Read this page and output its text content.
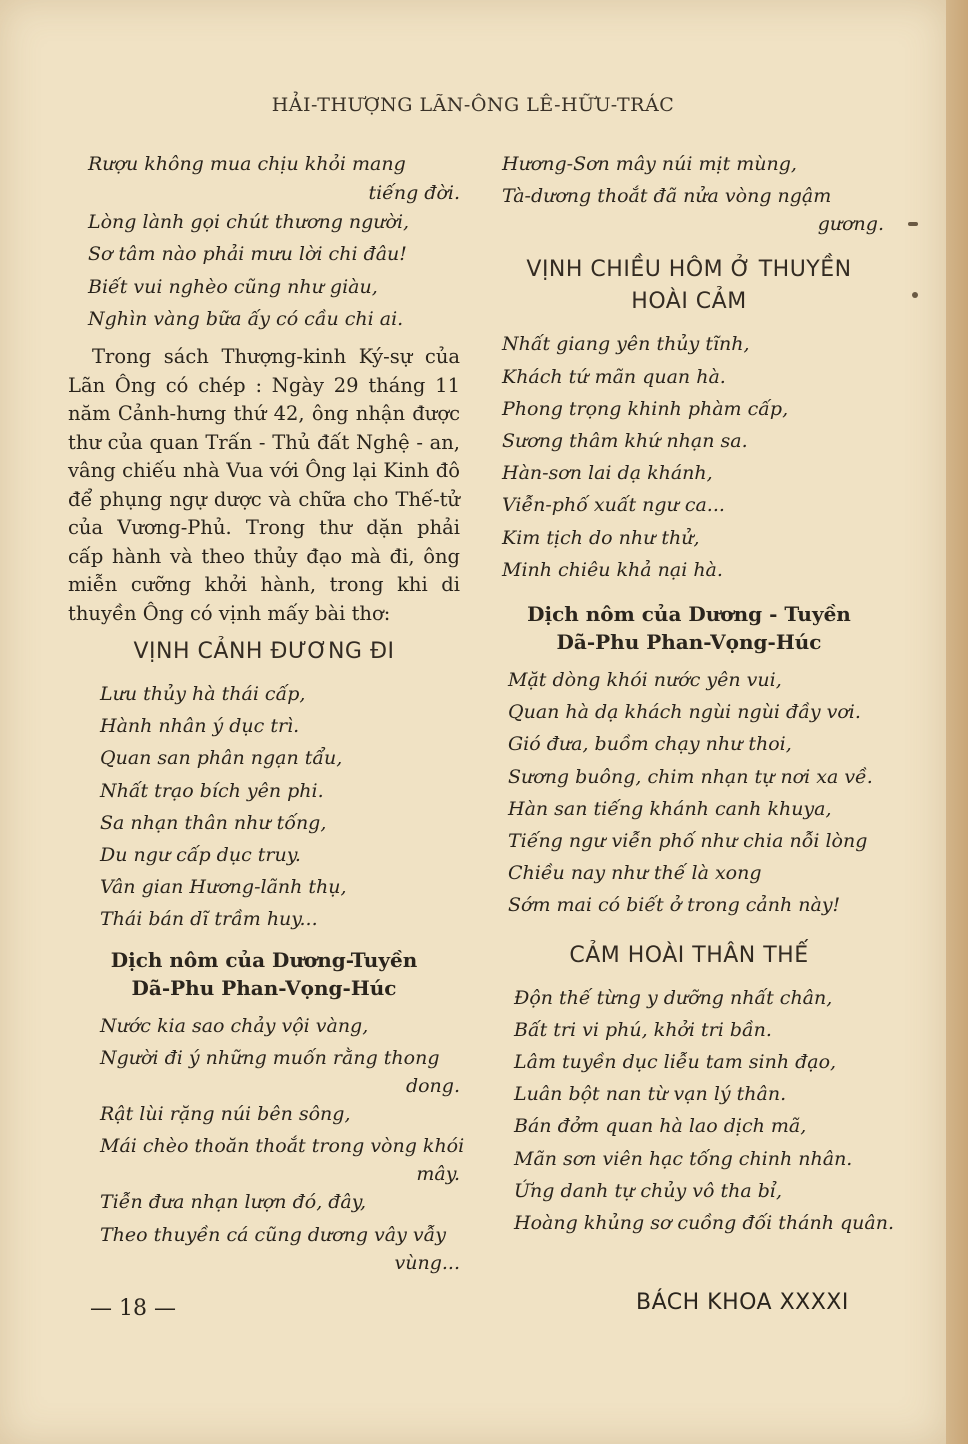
HẢI-THƯỢNG LÃN-ÔNG LÊ-HỮU-TRÁC
Rượu không mua chịu khỏi mang
tiếng đời.
Lòng lành gọi chút thương người,
Sơ tâm nào phải mưu lời chi đâu!
Biết vui nghèo cũng như giàu,
Nghìn vàng bữa ấy có cầu chi ai.
Trong sách Thượng-kinh Ký-sự của Lãn Ông có chép : Ngày 29 tháng 11 năm Cảnh-hưng thứ 42, ông nhận được thư của quan Trấn - Thủ đất Nghệ - an, vâng chiếu nhà Vua với Ông lại Kinh đô để phụng ngự dược và chữa cho Thế-tử của Vương-Phủ. Trong thư dặn phải cấp hành và theo thủy đạo mà đi, ông miễn cưỡng khởi hành, trong khi di thuyền Ông có vịnh mấy bài thơ:
VỊNH CẢNH ĐƯƠNG ĐI
Lưu thủy hà thái cấp,
Hành nhân ý dục trì.
Quan san phân ngạn tẩu,
Nhất trạo bích yên phi.
Sa nhạn thân như tống,
Du ngư cấp dục truy.
Vân gian Hương-lãnh thụ,
Thái bán dĩ trầm huy...
Dịch nôm của Dương-Tuyền
Dã-Phu Phan-Vọng-Húc
Nước kia sao chảy vội vàng,
Người đi ý những muốn rằng thong
dong.
Rật lùi rặng núi bên sông,
Mái chèo thoăn thoắt trong vòng khói
mây.
Tiễn đưa nhạn lượn đó, đây,
Theo thuyền cá cũng dương vây vẫy
vùng...
Hương-Sơn mây núi mịt mùng,
Tà-dương thoắt đã nửa vòng ngậm
gương.
VỊNH CHIỀU HÔM Ở THUYỀN
HOÀI CẢM
Nhất giang yên thủy tĩnh,
Khách tứ mãn quan hà.
Phong trọng khinh phàm cấp,
Sương thâm khứ nhạn sa.
Hàn-sơn lai dạ khánh,
Viễn-phố xuất ngư ca...
Kim tịch do như thử,
Minh chiêu khả nại hà.
Dịch nôm của Dương - Tuyền
Dã-Phu Phan-Vọng-Húc
Mặt dòng khói nước yên vui,
Quan hà dạ khách ngùi ngùi đầy vơi.
Gió đưa, buồm chạy như thoi,
Sương buông, chim nhạn tự nơi xa về.
Hàn san tiếng khánh canh khuya,
Tiếng ngư viễn phố như chia nỗi lòng
Chiều nay như thế là xong
Sớm mai có biết ở trong cảnh này!
CẢM HOÀI THÂN THẾ
Độn thế từng y dưỡng nhất chân,
Bất tri vi phú, khởi tri bần.
Lâm tuyền dục liễu tam sinh đạo,
Luân bột nan từ vạn lý thân.
Bán đởm quan hà lao dịch mã,
Mãn sơn viên hạc tống chinh nhân.
Ứng danh tự chủy vô tha bỉ,
Hoàng khủng sơ cuồng đối thánh quân.
— 18 —	BÁCH KHOA XXXXI
